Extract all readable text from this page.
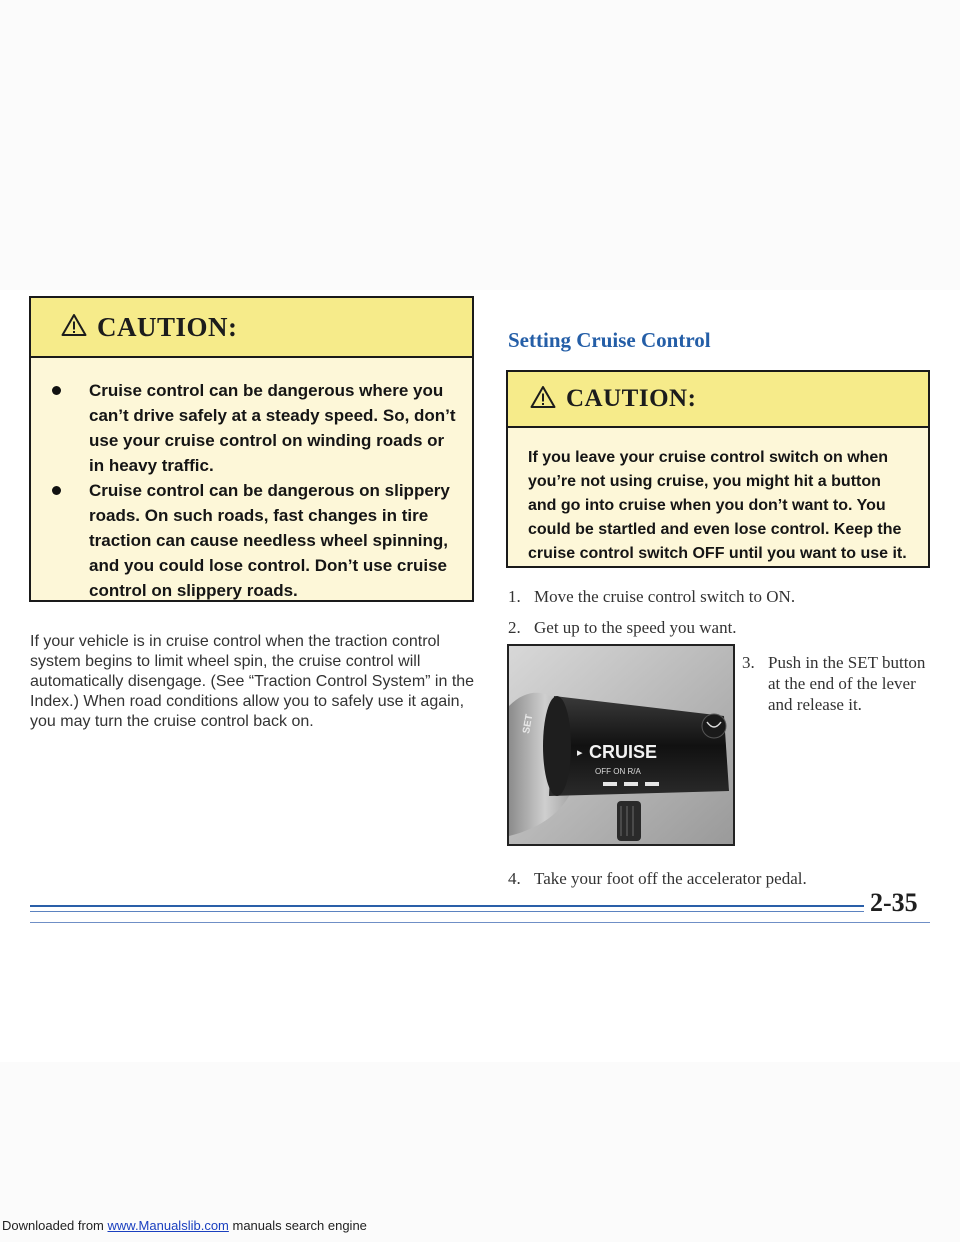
CAUTION:
Cruise control can be dangerous where you can’t drive safely at a steady speed. So, don’t use your cruise control on winding roads or in heavy traffic.
Cruise control can be dangerous on slippery roads. On such roads, fast changes in tire traction can cause needless wheel spinning, and you could lose control. Don’t use cruise control on slippery roads.

If your vehicle is in cruise control when the traction control system begins to limit wheel spin, the cruise control will automatically disengage. (See “Traction Control System” in the Index.) When road conditions allow you to safely use it again, you may turn the cruise control back on.

Setting Cruise Control
CAUTION:

If you leave your cruise control switch on when you’re not using cruise, you might hit a button and go into cruise when you don’t want to. You could be startled and even lose control. Keep the cruise control switch OFF until you want to use it.

1. Move the cruise control switch to ON.
2. Get up to the speed you want.
▸ CRUISE
OFF ON R/A
SET
3. Push in the SET button at the end of the lever and release it.
4. Take your foot off the accelerator pedal.

2-35

Downloaded from www.Manualslib.com manuals search engine
